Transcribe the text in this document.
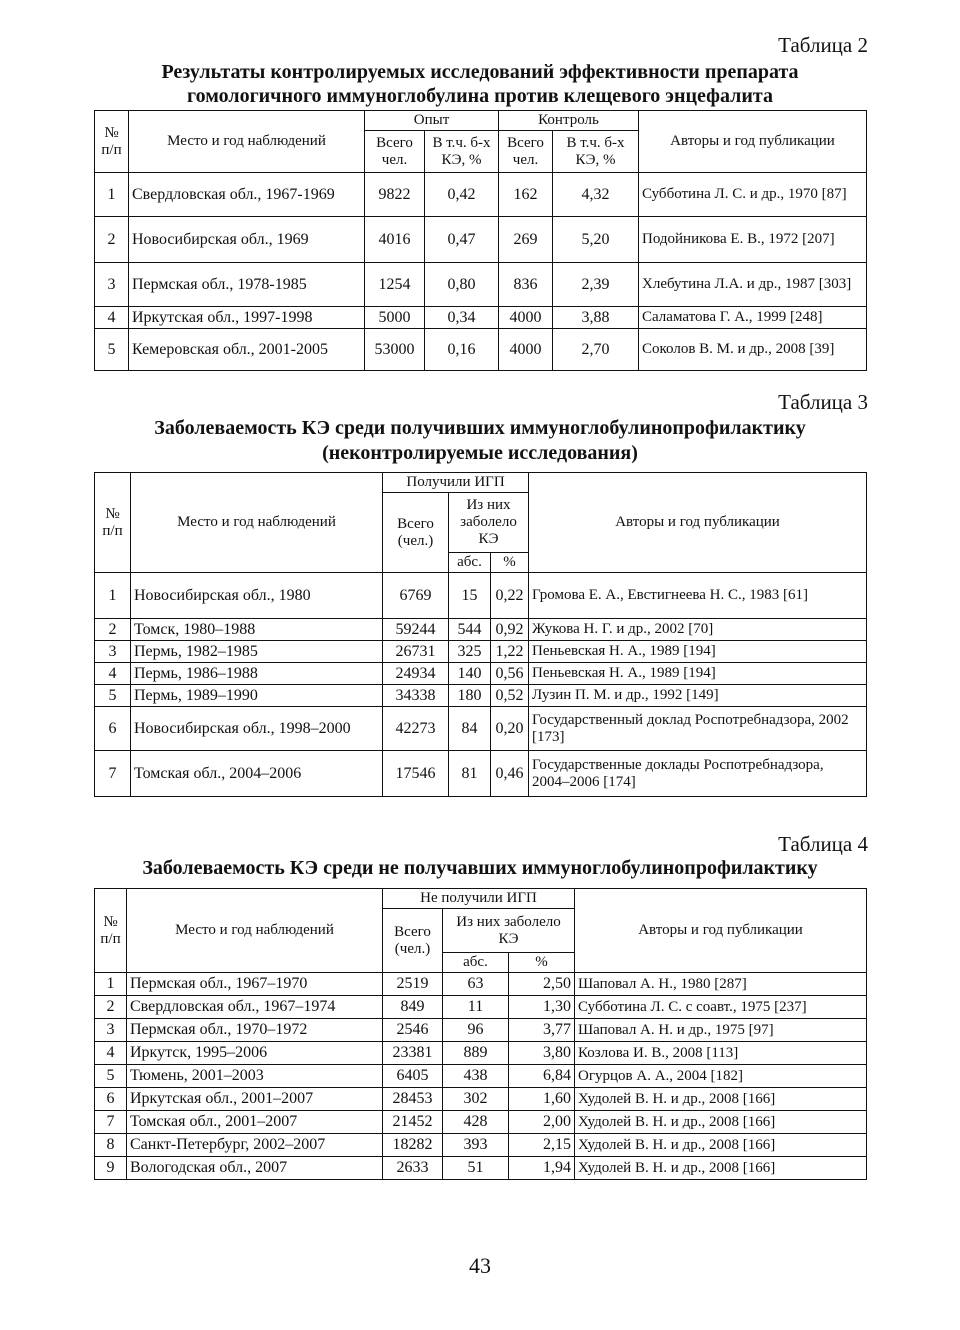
Таблица 2
Результаты контролируемых исследований эффективности препарата
гомологичного иммуноглобулина против клещевого энцефалита
№ п/п	Место и год наблюдений	Опыт		Контроль		Авторы и год публикации
		Всего чел.	В т.ч. б-х КЭ, %	Всего чел.	В т.ч. б-х КЭ, %	
1	Свердловская обл., 1967-1969	9822	0,42	162	4,32	Субботина Л. С. и др., 1970 [87]
2	Новосибирская обл., 1969	4016	0,47	269	5,20	Подойникова Е. В., 1972 [207]
3	Пермская обл., 1978-1985	1254	0,80	836	2,39	Хлебутина Л.А. и др., 1987 [303]
4	Иркутская обл., 1997-1998	5000	0,34	4000	3,88	Саламатова Г. А., 1999 [248]
5	Кемеровская обл., 2001-2005	53000	0,16	4000	2,70	Соколов В. М. и др., 2008 [39]
Таблица 3
Заболеваемость КЭ среди получивших иммуноглобулинопрофилактику
(неконтролируемые исследования)
№ п/п	Место и год наблюдений	Получили ИГП			Авторы и год публикации
		Всего (чел.)	Из них заболело КЭ		
			абс.	%	
1	Новосибирская обл., 1980	6769	15	0,22	Громова Е. А., Евстигнеева Н. С., 1983 [61]
2	Томск, 1980–1988	59244	544	0,92	Жукова Н. Г. и др., 2002 [70]
3	Пермь, 1982–1985	26731	325	1,22	Пеньевская Н. А., 1989 [194]
4	Пермь, 1986–1988	24934	140	0,56	Пеньевская Н. А., 1989 [194]
5	Пермь, 1989–1990	34338	180	0,52	Лузин П. М. и др., 1992 [149]
6	Новосибирская обл., 1998–2000	42273	84	0,20	Государственный доклад Роспотребнадзора, 2002 [173]
7	Томская обл., 2004–2006	17546	81	0,46	Государственные доклады Роспотребнадзора, 2004–2006 [174]
Таблица 4
Заболеваемость КЭ среди не получавших иммуноглобулинопрофилактику
№ п/п	Место и год наблюдений	Не получили ИГП			Авторы и год публикации
		Всего (чел.)	Из них заболело КЭ		
			абс.	%	
1	Пермская обл., 1967–1970	2519	63	2,50	Шаповал А. Н., 1980 [287]
2	Свердловская обл., 1967–1974	849	11	1,30	Субботина Л. С. с соавт., 1975 [237]
3	Пермская обл., 1970–1972	2546	96	3,77	Шаповал А. Н. и др., 1975 [97]
4	Иркутск, 1995–2006	23381	889	3,80	Козлова И. В., 2008 [113]
5	Тюмень, 2001–2003	6405	438	6,84	Огурцов А. А., 2004 [182]
6	Иркутская обл., 2001–2007	28453	302	1,60	Худолей В. Н. и др., 2008 [166]
7	Томская обл., 2001–2007	21452	428	2,00	Худолей В. Н. и др., 2008 [166]
8	Санкт-Петербург, 2002–2007	18282	393	2,15	Худолей В. Н. и др., 2008 [166]
9	Вологодская обл., 2007	2633	51	1,94	Худолей В. Н. и др., 2008 [166]
43
